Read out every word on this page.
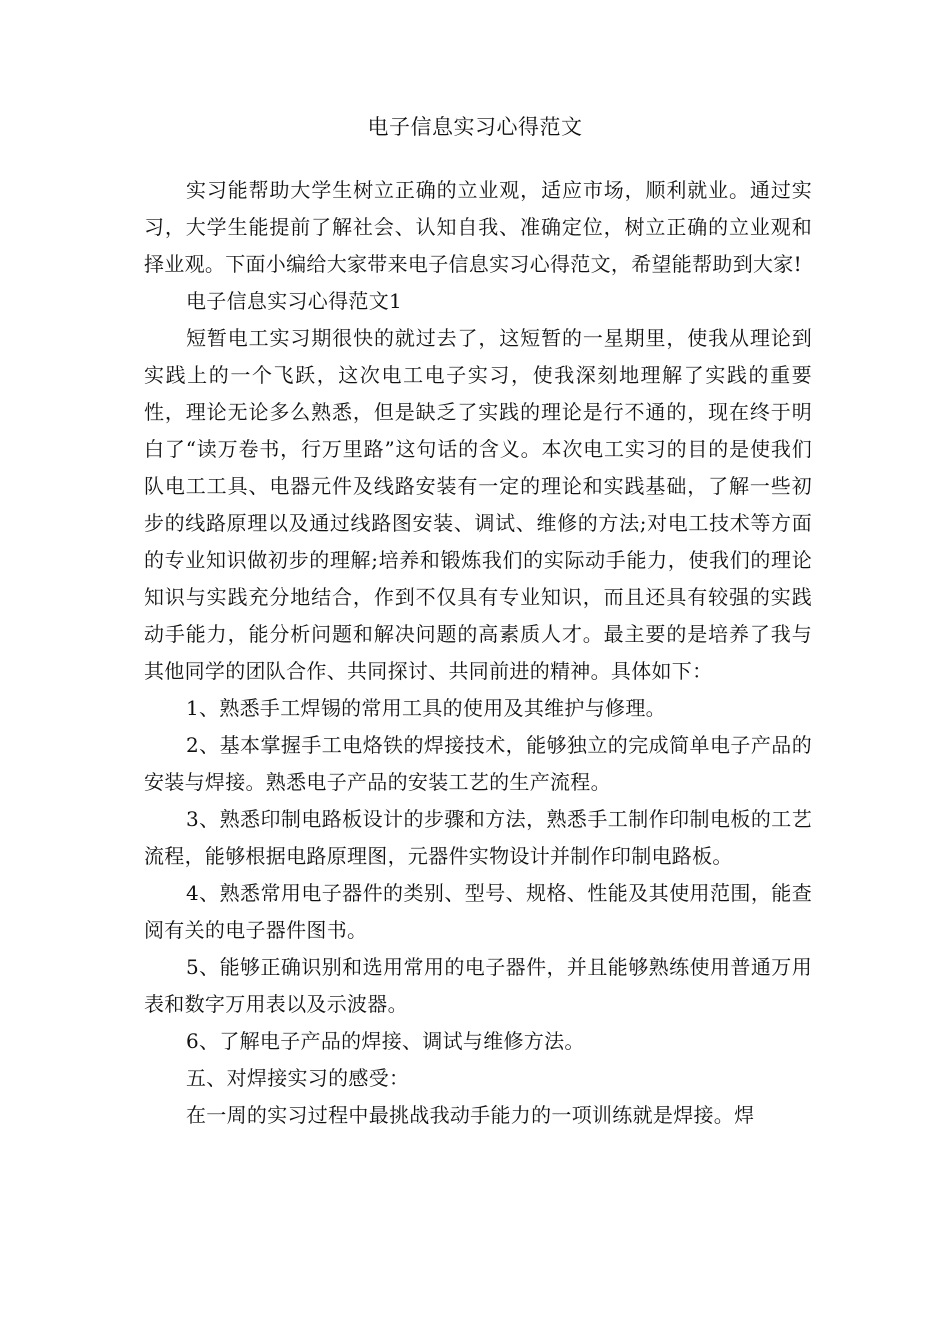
电子信息实习心得范文

实习能帮助大学生树立正确的立业观，适应市场，顺利就业。通过实习，大学生能提前了解社会、认知自我、准确定位，树立正确的立业观和择业观。下面小编给大家带来电子信息实习心得范文，希望能帮助到大家!

电子信息实习心得范文1

短暂电工实习期很快的就过去了，这短暂的一星期里，使我从理论到实践上的一个飞跃，这次电工电子实习，使我深刻地理解了实践的重要性，理论无论多么熟悉，但是缺乏了实践的理论是行不通的，现在终于明白了“读万卷书，行万里路”这句话的含义。本次电工实习的目的是使我们队电工工具、电器元件及线路安装有一定的理论和实践基础，了解一些初步的线路原理以及通过线路图安装、调试、维修的方法;对电工技术等方面的专业知识做初步的理解;培养和锻炼我们的实际动手能力，使我们的理论知识与实践充分地结合，作到不仅具有专业知识，而且还具有较强的实践动手能力，能分析问题和解决问题的高素质人才。最主要的是培养了我与其他同学的团队合作、共同探讨、共同前进的精神。具体如下：

1、熟悉手工焊锡的常用工具的使用及其维护与修理。

2、基本掌握手工电烙铁的焊接技术，能够独立的完成简单电子产品的安装与焊接。熟悉电子产品的安装工艺的生产流程。

3、熟悉印制电路板设计的步骤和方法，熟悉手工制作印制电板的工艺流程，能够根据电路原理图，元器件实物设计并制作印制电路板。

4、熟悉常用电子器件的类别、型号、规格、性能及其使用范围，能查阅有关的电子器件图书。

5、能够正确识别和选用常用的电子器件，并且能够熟练使用普通万用表和数字万用表以及示波器。

6、了解电子产品的焊接、调试与维修方法。

五、对焊接实习的感受：

在一周的实习过程中最挑战我动手能力的一项训练就是焊接。焊
